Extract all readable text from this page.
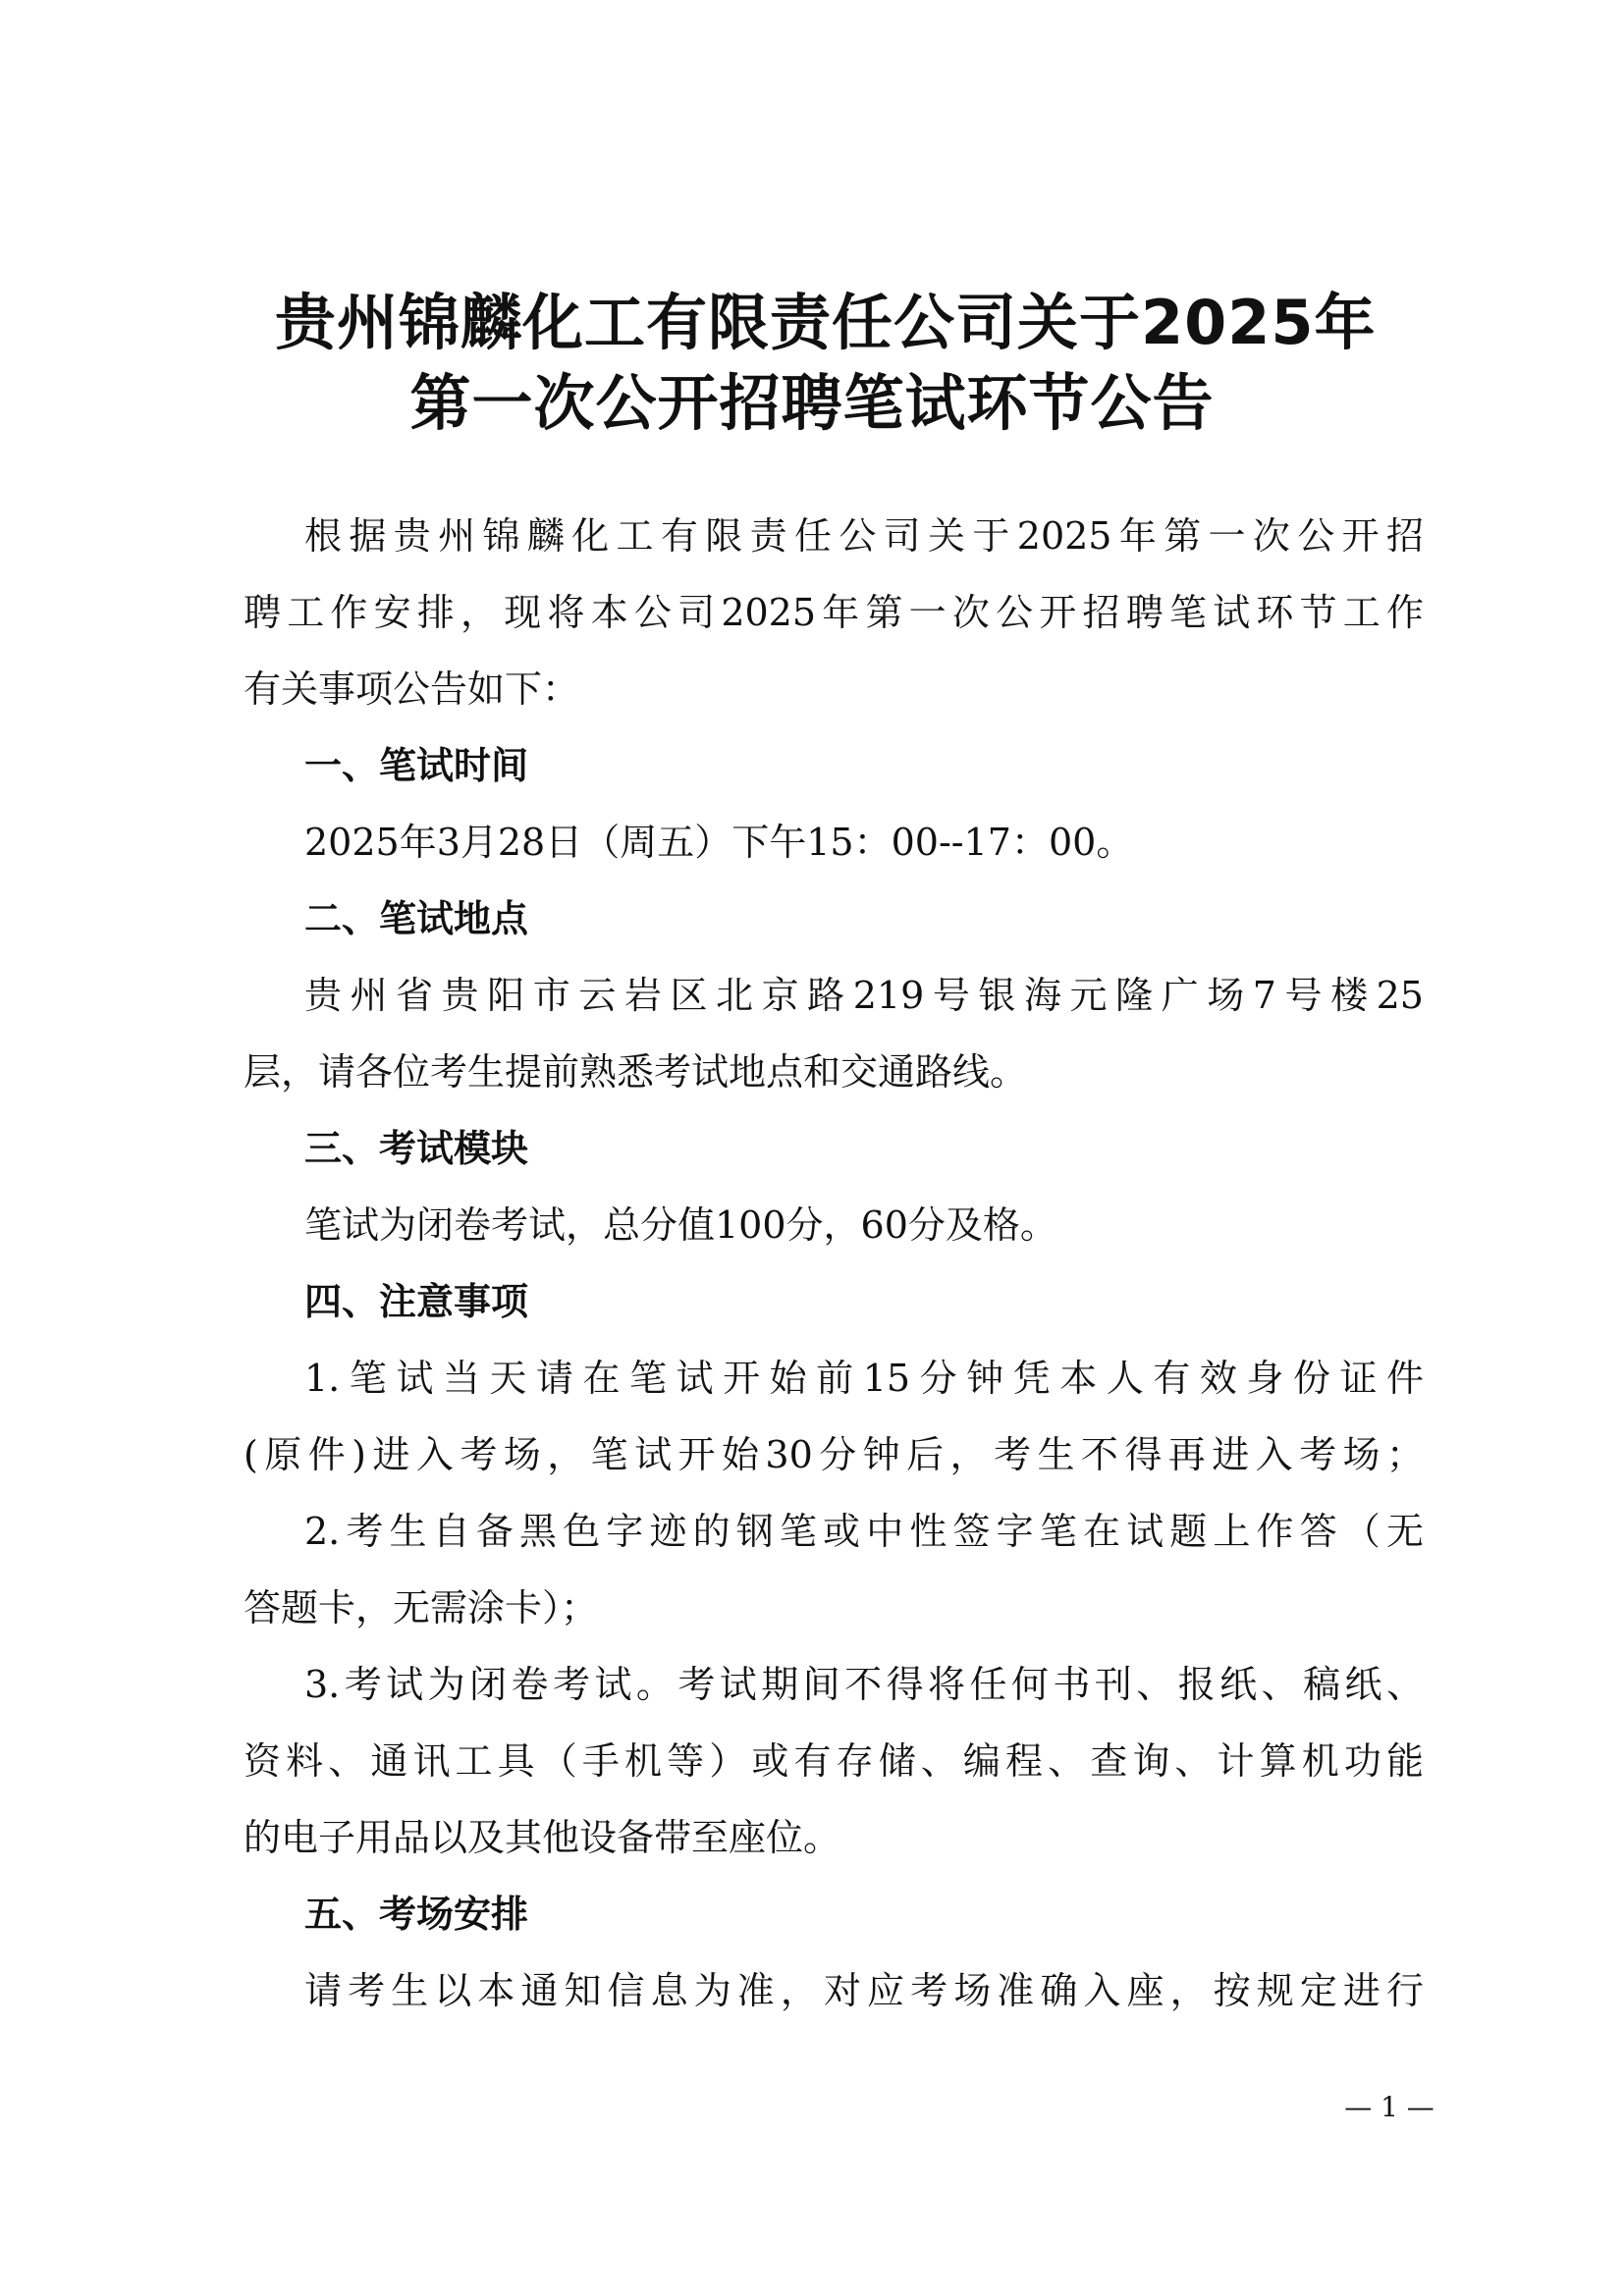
贵州锦麟化工有限责任公司关于2025年
第一次公开招聘笔试环节公告
根据贵州锦麟化工有限责任公司关于2025年第一次公开招
聘工作安排，现将本公司2025年第一次公开招聘笔试环节工作
有关事项公告如下：
一、笔试时间
2025年3月28日（周五）下午15：00--17：00。
二、笔试地点
贵州省贵阳市云岩区北京路219号银海元隆广场7号楼25
层，请各位考生提前熟悉考试地点和交通路线。
三、考试模块
笔试为闭卷考试，总分值100分，60分及格。
四、注意事项
1.笔试当天请在笔试开始前15分钟凭本人有效身份证件
(原件)进入考场，笔试开始30分钟后，考生不得再进入考场；
2.考生自备黑色字迹的钢笔或中性签字笔在试题上作答（无
答题卡，无需涂卡）；
3.考试为闭卷考试。考试期间不得将任何书刊、报纸、稿纸、
资料、通讯工具（手机等）或有存储、编程、查询、计算机功能
的电子用品以及其他设备带至座位。
五、考场安排
请考生以本通知信息为准，对应考场准确入座，按规定进行
— 1 —
